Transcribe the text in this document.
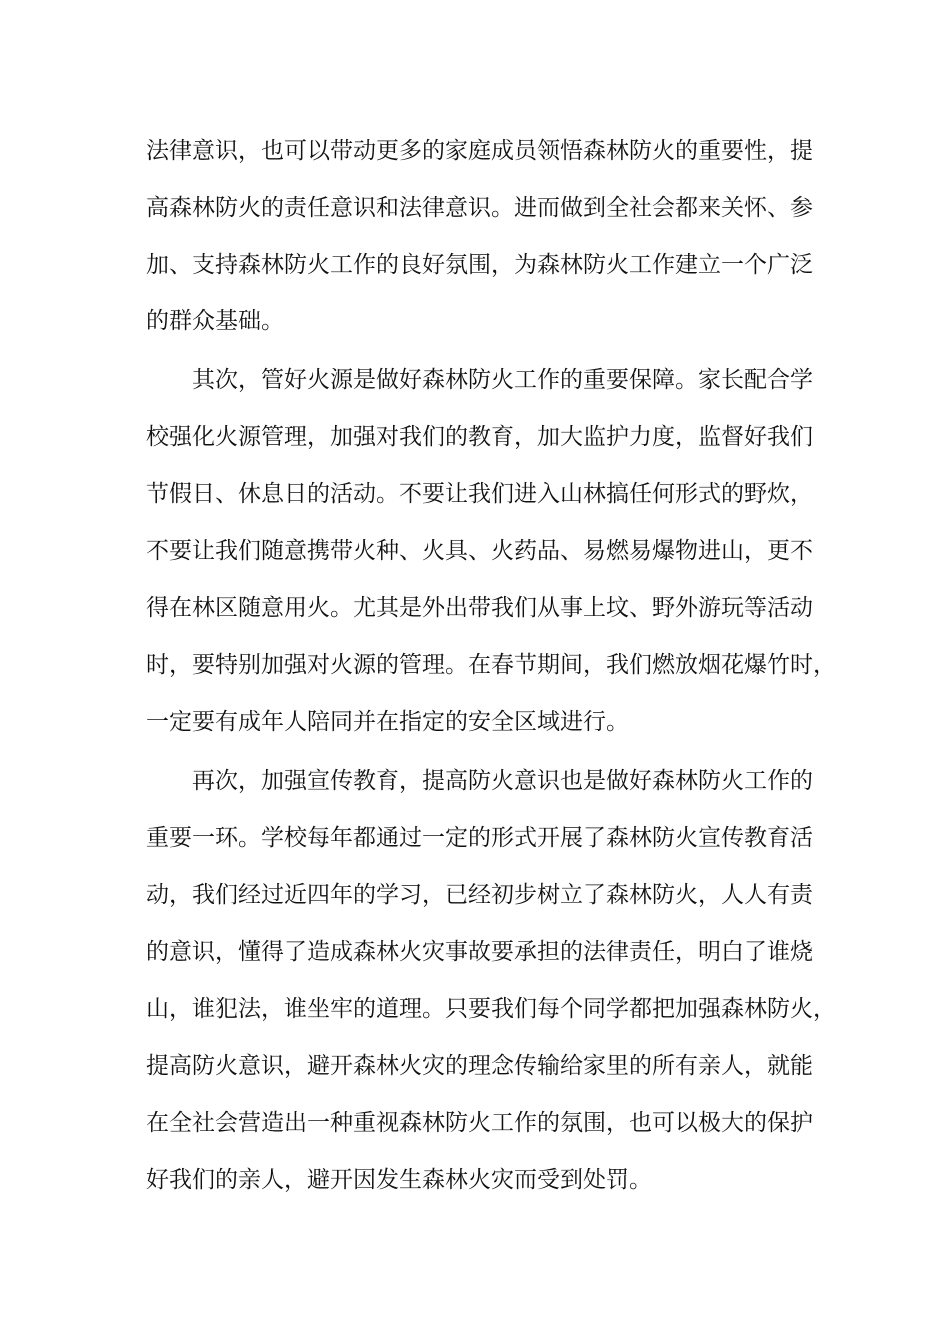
法律意识，也可以带动更多的家庭成员领悟森林防火的重要性，提
高森林防火的责任意识和法律意识。进而做到全社会都来关怀、参
加、支持森林防火工作的良好氛围，为森林防火工作建立一个广泛
的群众基础。
其次，管好火源是做好森林防火工作的重要保障。家长配合学
校强化火源管理，加强对我们的教育，加大监护力度，监督好我们
节假日、休息日的活动。不要让我们进入山林搞任何形式的野炊，
不要让我们随意携带火种、火具、火药品、易燃易爆物进山，更不
得在林区随意用火。尤其是外出带我们从事上坟、野外游玩等活动
时，要特别加强对火源的管理。在春节期间，我们燃放烟花爆竹时，
一定要有成年人陪同并在指定的安全区域进行。
再次，加强宣传教育，提高防火意识也是做好森林防火工作的
重要一环。学校每年都通过一定的形式开展了森林防火宣传教育活
动，我们经过近四年的学习，已经初步树立了森林防火，人人有责
的意识，懂得了造成森林火灾事故要承担的法律责任，明白了谁烧
山，谁犯法，谁坐牢的道理。只要我们每个同学都把加强森林防火，
提高防火意识，避开森林火灾的理念传输给家里的所有亲人，就能
在全社会营造出一种重视森林防火工作的氛围，也可以极大的保护
好我们的亲人，避开因发生森林火灾而受到处罚。
